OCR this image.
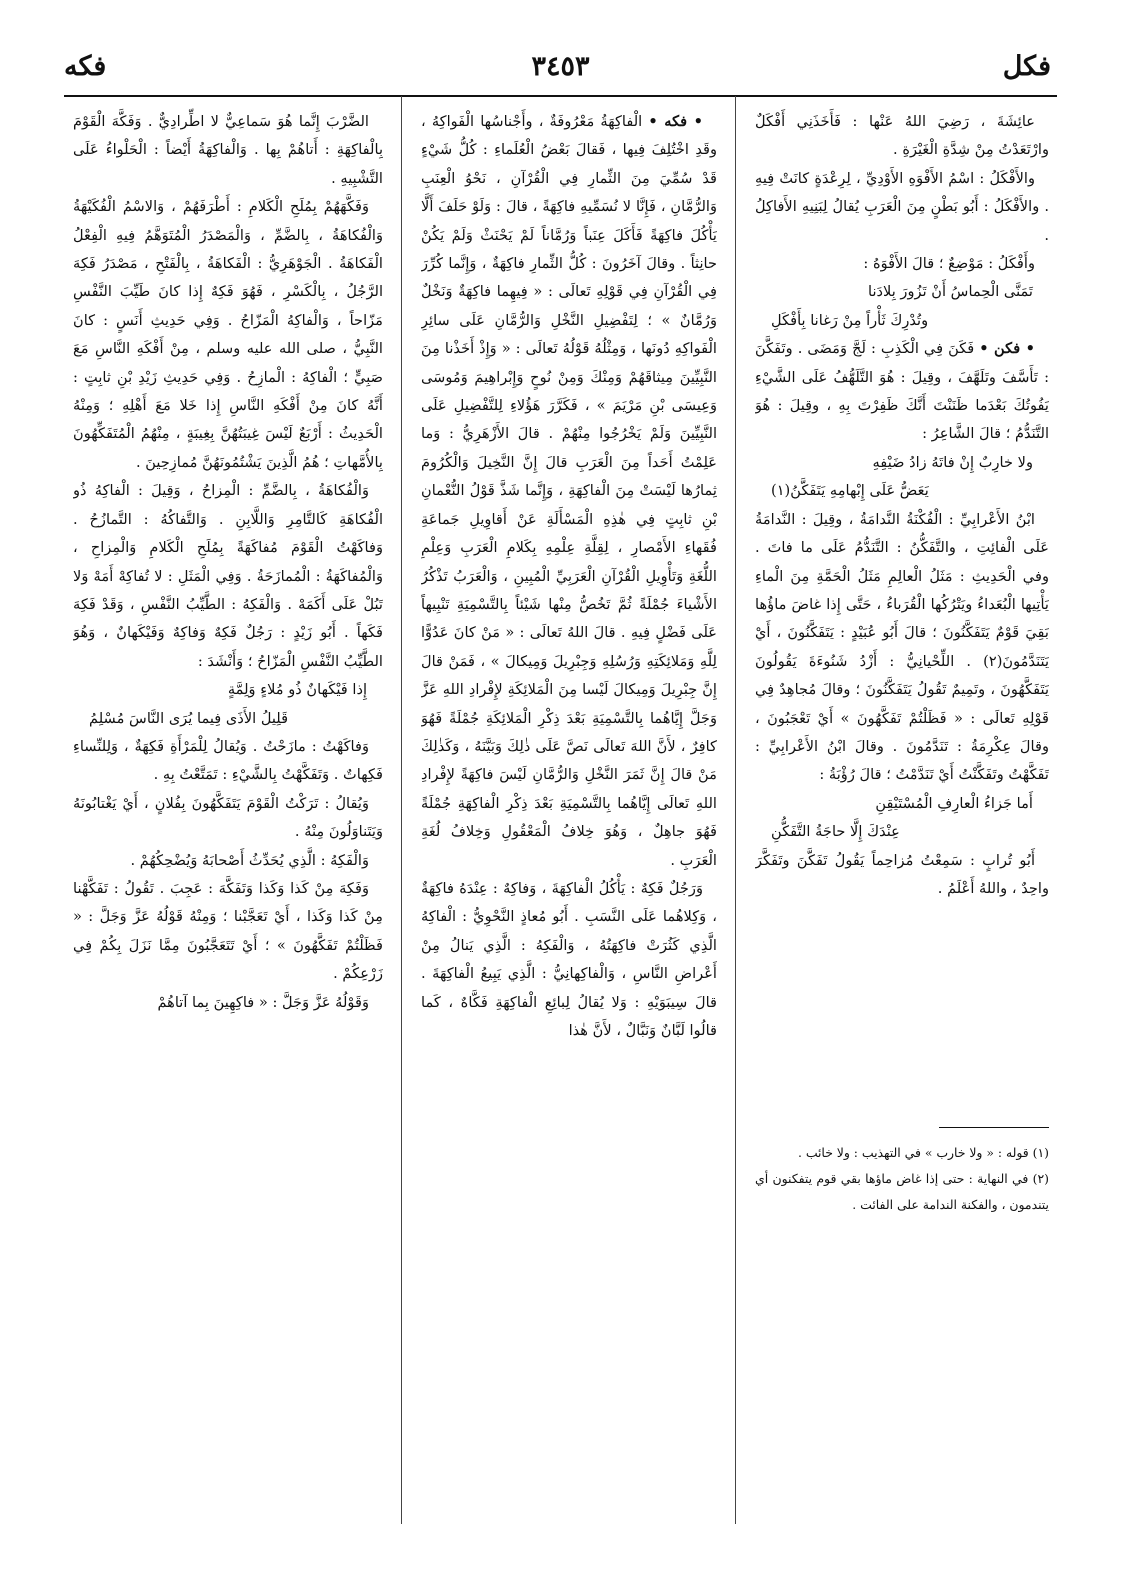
فكل
٣٤٥٣
فكه

عائِشَةَ ، رَضِيَ اللهُ عَنْها : فَأَخَذَنِي أَفْكَلٌ وارْتَعَدْتُ مِنْ شِدَّةِ الْغَيْرَةِ .

والأَفْكَلُ : اسْمُ الأَفْوَهِ الأَوْدِيِّ ، لِرِعْدَةٍ كانَتْ فِيهِ . والأَفْكَلُ : أَبُو بَطْنٍ مِنَ الْعَرَبِ يُقالُ لِبَنِيهِ الأَفاكِلُ .

وأَفْكَلُ : مَوْضِعٌ ؛ قالَ الأَفْوَهُ :

تَمَنَّى الْحِماسُ أَنْ تَزُورَ بِلادَنا

وتُدْرِكَ ثَأْراً مِنْ رَغانا بِأَفْكَلِ

• فكن • فَكَنَ فِي الْكَذِبِ : لَجَّ وَمَضَى . وتَفَكَّنَ : تَأَسَّفَ وتَلَهَّفَ ، وقِيلَ : هُوَ التَّلَهُّفُ عَلَى الشَّيْءِ يَفُوتُكَ بَعْدَما ظَنَنْتَ أَنَّكَ ظَفِرْتَ بِهِ ، وقِيلَ : هُوَ التَّنَدُّمُ ؛ قالَ الشَّاعِرُ :

ولا خارِبٌ إِنْ فاتَهُ زادُ ضَيْفِهِ

يَعَضُّ عَلَى إِبْهامِهِ يَتَفَكَّنُ(١)

ابْنُ الأَعْرابِيِّ : الْفُكْنَةُ النَّدامَةُ ، وقِيلَ : النَّدامَةُ عَلَى الْفائِتِ ، والتَّفَكُّنُ : التَّنَدُّمُ عَلَى ما فاتَ . وفي الْحَدِيثِ : مَثَلُ الْعالِمِ مَثَلُ الْحَمَّةِ مِنَ الْماءِ يَأْتِيها الْبُعَداءُ ويَتْرُكُها الْقُرَباءُ ، حَتَّى إِذا غاضَ ماؤُها بَقِيَ قَوْمٌ يَتَفَكَّنُونَ ؛ قالَ أَبُو عُبَيْدٍ : يَتَفَكَّنُونَ ، أَيْ يَتَنَدَّمُونَ(٢) . اللِّحْيانِيُّ : أَزْدُ شَنُوءَةَ يَقُولُونَ يَتَفَكَّهُونَ ، وتَمِيمٌ تَقُولُ يَتَفَكَّنُونَ ؛ وقالَ مُجاهِدٌ فِي قَوْلِهِ تَعالَى : « فَظَلْتُمْ تَفَكَّهُونَ » أَيْ تَعْجَبُونَ ، وقالَ عِكْرِمَةُ : تَنَدَّمُونَ . وقالَ ابْنُ الأَعْرابِيِّ : تَفَكَّهْتُ وتَفَكَّنْتُ أَيْ تَنَدَّمْتُ ؛ قالَ رُؤْبَةُ :

أَما جَزاءُ الْعارِفِ الْمُسْتَيْقِنِ

عِنْدَكَ إِلَّا حاجَةُ التَّفَكُّنِ

أَبُو تُرابٍ : سَمِعْتُ مُزاحِماً يَقُولُ تَفَكَّنَ وتَفَكَّرَ واحِدٌ ، واللهُ أَعْلَمُ .

• فكه • الْفاكِهَةُ مَعْرُوفَةٌ ، وأَجْناسُها الْفَواكِهُ ، وقَدِ اخْتُلِفَ فِيها ، فَقالَ بَعْضُ الْعُلَماءِ : كُلُّ شَيْءٍ قَدْ سُمِّيَ مِنَ الثِّمارِ فِي الْقُرْآنِ ، نَحْوُ الْعِنَبِ وَالرُّمَّانِ ، فَإِنَّا لا نُسَمِّيهِ فاكِهَةً ، قالَ : وَلَوْ حَلَفَ أَلَّا يَأْكُلَ فاكِهَةً فَأَكَلَ عِنَباً وَرُمَّاناً لَمْ يَحْنَثْ وَلَمْ يَكُنْ حانِثاً . وقالَ آخَرُونَ : كُلُّ الثِّمارِ فاكِهَةٌ ، وَإِنَّما كُرِّرَ فِي الْقُرْآنِ فِي قَوْلِهِ تَعالَى : « فِيهِما فاكِهَةٌ وَنَخْلٌ وَرُمَّانٌ » ؛ لِتَفْضِيلِ النَّخْلِ وَالرُّمَّانِ عَلَى سائِرِ الْفَواكِهِ دُونَها ، وَمِثْلُهُ قَوْلُهُ تَعالَى : « وَإِذْ أَخَذْنا مِنَ النَّبِيِّينَ مِيثاقَهُمْ وَمِنْكَ وَمِنْ نُوحٍ وَإِبْراهِيمَ وَمُوسَى وَعِيسَى بْنِ مَرْيَمَ » ، فَكَرَّرَ هَؤُلاءِ لِلتَّفْضِيلِ عَلَى النَّبِيِّينَ وَلَمْ يَخْرُجُوا مِنْهُمْ . قالَ الأَزْهَرِيُّ : وَما عَلِمْتُ أَحَداً مِنَ الْعَرَبِ قالَ إِنَّ النَّخِيلَ وَالْكُرُومَ ثِمارُها لَيْسَتْ مِنَ الْفاكِهَةِ ، وَإِنَّما شَذَّ قَوْلُ النُّعْمانِ بْنِ ثابِتٍ فِي هٰذِهِ الْمَسْأَلَةِ عَنْ أَقاوِيلِ جَماعَةِ فُقَهاءِ الأَمْصارِ ، لِقِلَّةِ عِلْمِهِ بِكَلامِ الْعَرَبِ وَعِلْمِ اللُّغَةِ وَتَأْوِيلِ الْقُرْآنِ الْعَرَبِيِّ الْمُبِينِ ، وَالْعَرَبُ تَذْكُرُ الأَشْياءَ جُمْلَةً ثُمَّ تَخُصُّ مِنْها شَيْئاً بِالتَّسْمِيَةِ تَنْبِيهاً عَلَى فَضْلٍ فِيهِ . قالَ اللهُ تَعالَى : « مَنْ كانَ عَدُوًّا لِلَّهِ وَمَلائِكَتِهِ وَرُسُلِهِ وَجِبْرِيلَ وَمِيكالَ » ، فَمَنْ قالَ إِنَّ جِبْرِيلَ وَمِيكالَ لَيْسا مِنَ الْمَلائِكَةِ لإِفْرادِ اللهِ عَزَّ وَجَلَّ إِيَّاهُما بِالتَّسْمِيَةِ بَعْدَ ذِكْرِ الْمَلائِكَةِ جُمْلَةً فَهُوَ كافِرٌ ، لأَنَّ اللهَ تَعالَى نَصَّ عَلَى ذٰلِكَ وَبَيَّنَهُ ، وَكَذٰلِكَ مَنْ قالَ إِنَّ ثَمَرَ النَّخْلِ وَالرُّمَّانِ لَيْسَ فاكِهَةً لإِفْرادِ اللهِ تَعالَى إِيَّاهُما بِالتَّسْمِيَةِ بَعْدَ ذِكْرِ الْفاكِهَةِ جُمْلَةً فَهُوَ جاهِلٌ ، وَهُوَ خِلافُ الْمَعْقُولِ وَخِلافُ لُغَةِ الْعَرَبِ .

وَرَجُلٌ فَكِهٌ : يَأْكُلُ الْفاكِهَةَ ، وَفاكِهٌ : عِنْدَهُ فاكِهَةٌ ، وَكِلاهُما عَلَى النَّسَبِ . أَبُو مُعاذٍ النَّحْوِيُّ : الْفاكِهُ الَّذِي كَثُرَتْ فاكِهَتُهُ ، وَالْفَكِهُ : الَّذِي يَنالُ مِنْ أَعْراضِ النَّاسِ ، وَالْفاكِهانِيُّ : الَّذِي يَبِيعُ الْفاكِهَةَ . قالَ سِيبَوَيْهِ : وَلا يُقالُ لِبائِعِ الْفاكِهَةِ فَكَّاهٌ ، كَما قالُوا لَبَّانٌ وَنَبَّالٌ ، لأَنَّ هٰذا

الضَّرْبَ إِنَّما هُوَ سَماعِيٌّ لا اطِّرادِيٌّ . وَفَكَّهَ الْقَوْمَ بِالْفاكِهَةِ : أَتاهُمْ بِها . وَالْفاكِهَةُ أَيْضاً : الْحَلْواءُ عَلَى التَّشْبِيهِ .

وَفَكَّهَهُمْ بِمُلَحِ الْكَلامِ : أَطْرَفَهُمْ ، وَالاسْمُ الْفُكَيْهَةُ وَالْفُكاهَةُ ، بِالضَّمِّ ، وَالْمَصْدَرُ الْمُتَوَهَّمُ فِيهِ الْفِعْلُ الْفَكاهَةُ . الْجَوْهَرِيُّ : الْفَكاهَةُ ، بِالْفَتْحِ ، مَصْدَرُ فَكِهَ الرَّجُلُ ، بِالْكَسْرِ ، فَهُوَ فَكِهٌ إِذا كانَ طَيِّبَ النَّفْسِ مَزّاحاً ، وَالْفاكِهُ الْمَزّاحُ . وَفِي حَدِيثِ أَنَسٍ : كانَ النَّبِيُّ ، صلى الله عليه وسلم ، مِنْ أَفْكَهِ النَّاسِ مَعَ صَبِيٍّ ؛ الْفاكِهُ : الْمازِحُ . وَفِي حَدِيثِ زَيْدِ بْنِ ثابِتٍ : أَنَّهُ كانَ مِنْ أَفْكَهِ النَّاسِ إِذا خَلا مَعَ أَهْلِهِ ؛ وَمِنْهُ الْحَدِيثُ : أَرْبَعٌ لَيْسَ غِيبَتُهُنَّ بِغِيبَةٍ ، مِنْهُمُ الْمُتَفَكِّهُونَ بِالأُمَّهاتِ ؛ هُمُ الَّذِينَ يَشْتُمُونَهُنَّ مُمازِحِينَ .

وَالْفُكاهَةُ ، بِالضَّمِّ : الْمِزاحُ ، وَقِيلَ : الْفاكِهُ ذُو الْفُكاهَةِ كَالتَّامِرِ وَاللَّابِنِ . وَالتَّفاكُهُ : التَّمازُحُ . وَفاكَهْتُ الْقَوْمَ مُفاكَهَةً بِمُلَحِ الْكَلامِ وَالْمِزاحِ ، وَالْمُفاكَهَةُ : الْمُمازَحَةُ . وَفِي الْمَثَلِ : لا تُفاكِهْ أَمَهْ وَلا تَبُلْ عَلَى أَكَمَهْ . وَالْفَكِهُ : الطَّيِّبُ النَّفْسِ ، وَقَدْ فَكِهَ فَكَهاً . أَبُو زَيْدٍ : رَجُلٌ فَكِهٌ وَفاكِهٌ وَفَيْكَهانٌ ، وَهُوَ الطَّيِّبُ النَّفْسِ الْمَزّاحُ ؛ وَأَنْشَدَ :

إِذا فَيْكَهانٌ ذُو مُلاءٍ وَلِمَّةٍ

قَلِيلُ الأَذَى فِيما يُرَى النَّاسَ مُسْلِمُ

وَفاكَهْتُ : مازَحْتُ . وَيُقالُ لِلْمَرْأَةِ فَكِهَةٌ ، وَلِلنِّساءِ فَكِهاتٌ . وَتَفَكَّهْتُ بِالشَّيْءِ : تَمَتَّعْتُ بِهِ .

وَيُقالُ : تَرَكْتُ الْقَوْمَ يَتَفَكَّهُونَ بِفُلانٍ ، أَيْ يَغْتابُونَهُ وَيَتَناوَلُونَ مِنْهُ .

وَالْفَكِهُ : الَّذِي يُحَدِّثُ أَصْحابَهُ وَيُضْحِكُهُمْ .

وَفَكِهَ مِنْ كَذا وَكَذا وَتَفَكَّهَ : عَجِبَ . تَقُولُ : تَفَكَّهْنا مِنْ كَذا وَكَذا ، أَيْ تَعَجَّبْنا ؛ وَمِنْهُ قَوْلُهُ عَزَّ وَجَلَّ : « فَظَلْتُمْ تَفَكَّهُونَ » ؛ أَيْ تَتَعَجَّبُونَ مِمَّا نَزَلَ بِكُمْ فِي زَرْعِكُمْ .

وَقَوْلُهُ عَزَّ وَجَلَّ : « فاكِهِينَ بِما آتاهُمْ

(١) قوله : « ولا خارب » في التهذيب : ولا خائب .

(٢) في النهاية : حتى إذا غاض ماؤها بقي قوم يتفكنون أي يتندمون ، والفكنة الندامة على الفائت .
